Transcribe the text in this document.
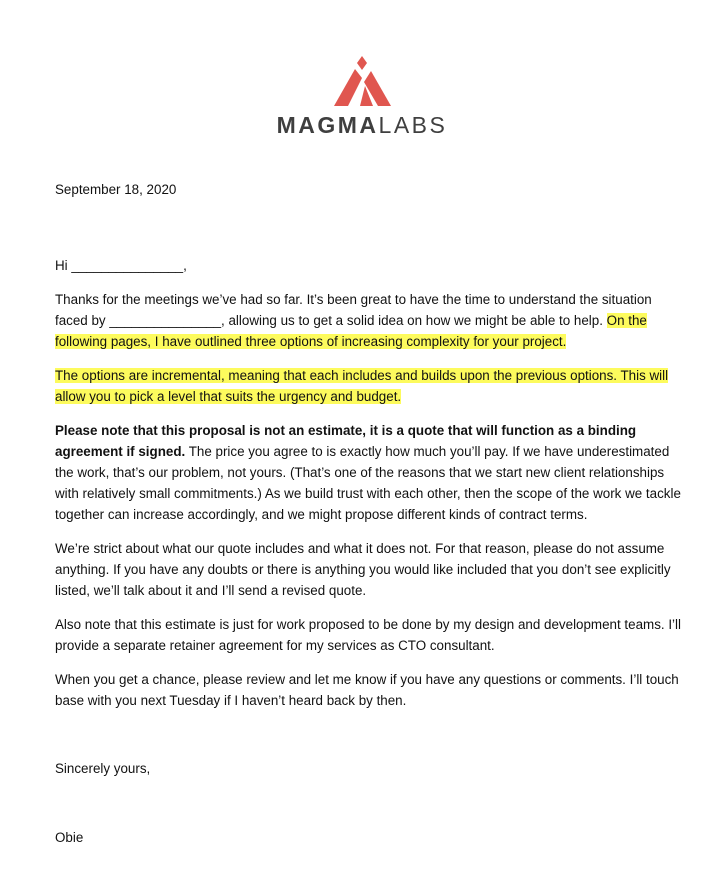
MAGMALABS

September 18, 2020

Hi _______________,

Thanks for the meetings we’ve had so far. It’s been great to have the time to understand the situation faced by _______________, allowing us to get a solid idea on how we might be able to help. On the following pages, I have outlined three options of increasing complexity for your project.

The options are incremental, meaning that each includes and builds upon the previous options. This will allow you to pick a level that suits the urgency and budget.

Please note that this proposal is not an estimate, it is a quote that will function as a binding agreement if signed. The price you agree to is exactly how much you’ll pay. If we have underestimated the work, that’s our problem, not yours. (That’s one of the reasons that we start new client relationships with relatively small commitments.) As we build trust with each other, then the scope of the work we tackle together can increase accordingly, and we might propose different kinds of contract terms.

We’re strict about what our quote includes and what it does not. For that reason, please do not assume anything. If you have any doubts or there is anything you would like included that you don’t see explicitly listed, we’ll talk about it and I’ll send a revised quote.

Also note that this estimate is just for work proposed to be done by my design and development teams. I’ll provide a separate retainer agreement for my services as CTO consultant.

When you get a chance, please review and let me know if you have any questions or comments. I’ll touch base with you next Tuesday if I haven’t heard back by then.

Sincerely yours,

Obie
